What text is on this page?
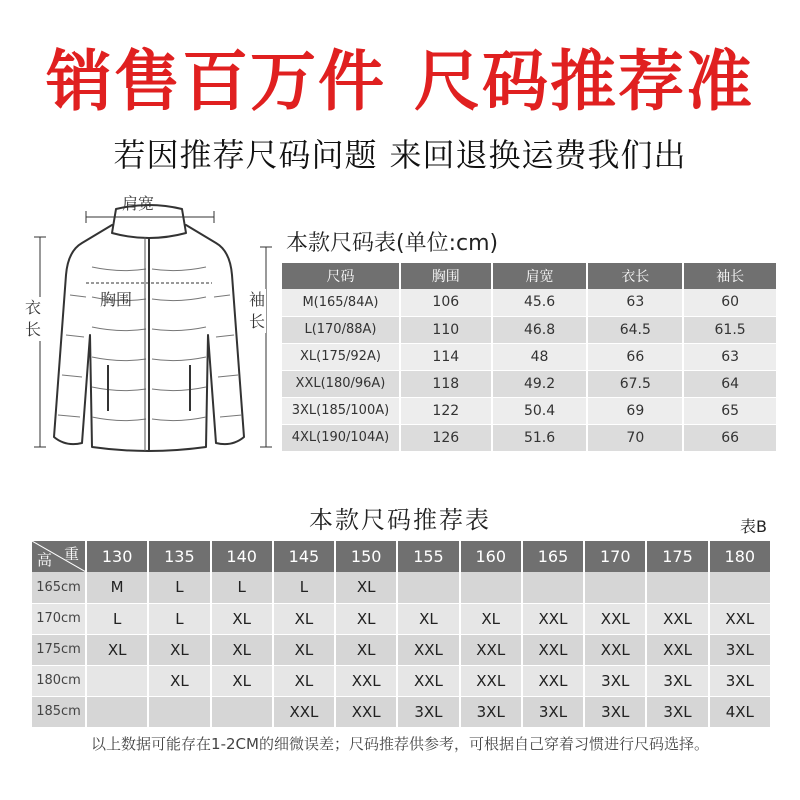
销售百万件 尺码推荐准
若因推荐尺码问题 来回退换运费我们出
肩宽
胸围
衣
长
袖
长
本款尺码表(单位:cm)
尺码	胸围	肩宽	衣长	袖长
M(165/84A)	106	45.6	63	60
L(170/88A)	110	46.8	64.5	61.5
XL(175/92A)	114	48	66	63
XXL(180/96A)	118	49.2	67.5	64
3XL(185/100A)	122	50.4	69	65
4XL(190/104A)	126	51.6	70	66
本款尺码推荐表	表B
高 重	130	135	140	145	150	155	160	165	170	175	180
165cm	M	L	L	L	XL						
170cm	L	L	XL	XL	XL	XL	XL	XXL	XXL	XXL	XXL
175cm	XL	XL	XL	XL	XL	XXL	XXL	XXL	XXL	XXL	3XL
180cm		XL	XL	XL	XXL	XXL	XXL	XXL	3XL	3XL	3XL
185cm				XXL	XXL	3XL	3XL	3XL	3XL	3XL	4XL
以上数据可能存在1-2CM的细微误差；尺码推荐供参考，可根据自己穿着习惯进行尺码选择。
